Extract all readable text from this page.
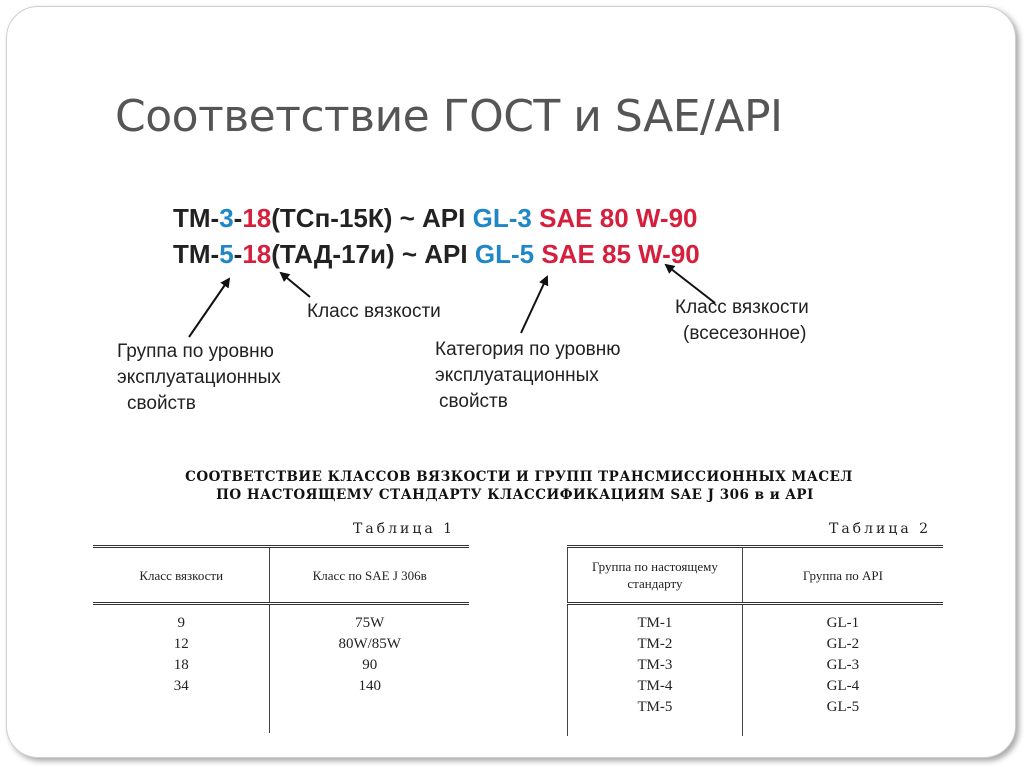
Соответствие ГОСТ и SAE/API
ТМ-3-18(ТСп-15К) ~ API GL-3 SAE 80 W-90
ТМ-5-18(ТАД-17и) ~ API GL-5 SAE 85 W-90
Класс вязкости	Класс вязкости
(всесезонное)
Группа по уровню
эксплуатационных
свойств
Категория по уровню
эксплуатационных
свойств
СООТВЕТСТВИЕ КЛАССОВ ВЯЗКОСТИ И ГРУПП ТРАНСМИССИОННЫХ МАСЕЛ
ПО НАСТОЯЩЕМУ СТАНДАРТУ КЛАССИФИКАЦИЯМ SAE J 306 в и API
Таблица 1	Таблица 2
Класс вязкости	Класс по SAE J 306в

9	75W
12	80W/85W
18	90
34	140

Группа по настоящему стандарту	Группа по API

ТМ-1	GL-1
ТМ-2	GL-2
ТМ-3	GL-3
ТМ-4	GL-4
ТМ-5	GL-5
